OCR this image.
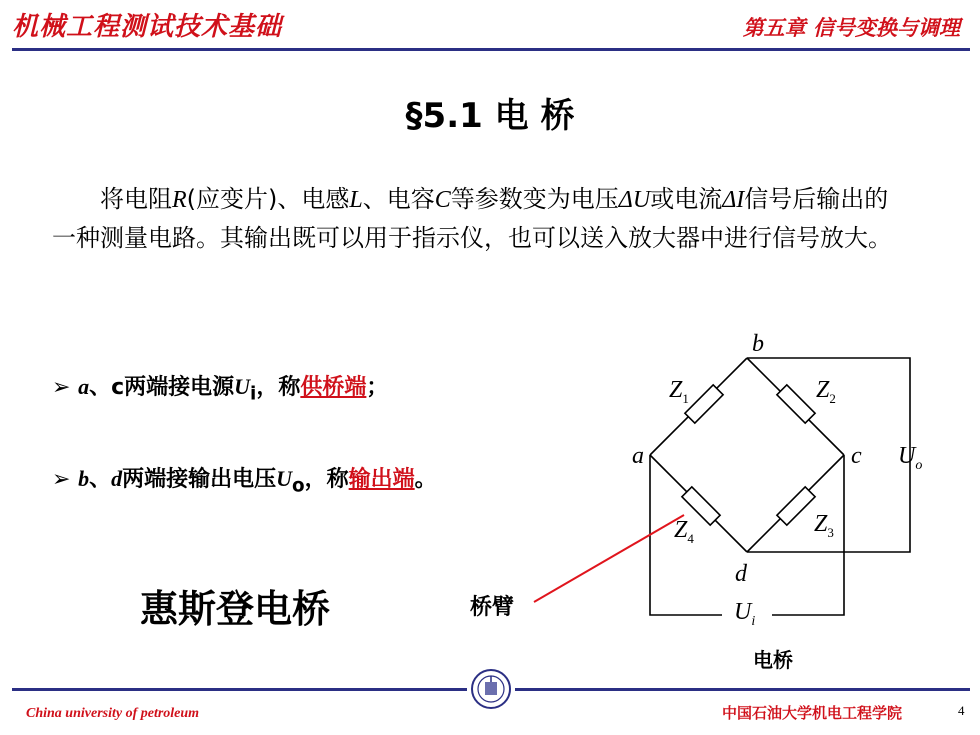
机械工程测试技术基础	第五章 信号变换与调理
§5.1 电 桥

将电阻R(应变片)、电感L、电容C等参数变为电压ΔU或电流ΔI信号后输出的一种测量电路。其输出既可以用于指示仪，也可以送入放大器中进行信号放大。

➢ a、c两端接电源$U_i$，称供桥端；
➢ b、d两端接输出电压$U_o$，称输出端。
惠斯登电桥	桥臂
b
a	c
d
$Z_1$	$Z_2$
$Z_3$
$Z_4$
$U_o$
$U_i$
电桥
China university of petroleum	中国石油大学机电工程学院	4
